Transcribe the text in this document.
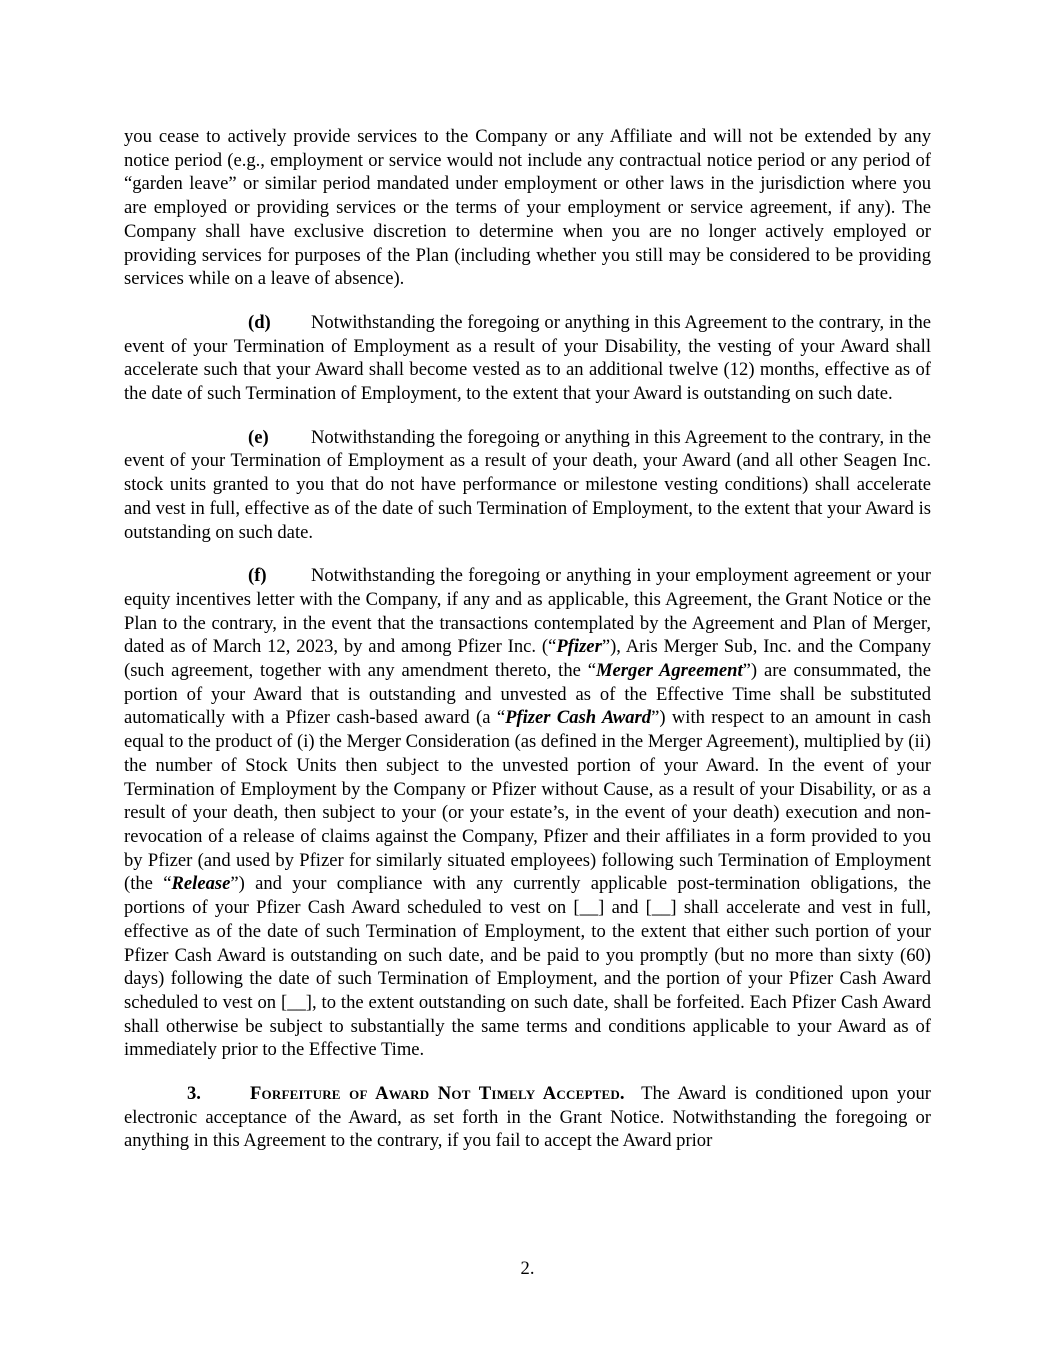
you cease to actively provide services to the Company or any Affiliate and will not be extended by any notice period (e.g., employment or service would not include any contractual notice period or any period of “garden leave” or similar period mandated under employment or other laws in the jurisdiction where you are employed or providing services or the terms of your employment or service agreement, if any). The Company shall have exclusive discretion to determine when you are no longer actively employed or providing services for purposes of the Plan (including whether you still may be considered to be providing services while on a leave of absence).

(d) Notwithstanding the foregoing or anything in this Agreement to the contrary, in the event of your Termination of Employment as a result of your Disability, the vesting of your Award shall accelerate such that your Award shall become vested as to an additional twelve (12) months, effective as of the date of such Termination of Employment, to the extent that your Award is outstanding on such date.

(e) Notwithstanding the foregoing or anything in this Agreement to the contrary, in the event of your Termination of Employment as a result of your death, your Award (and all other Seagen Inc. stock units granted to you that do not have performance or milestone vesting conditions) shall accelerate and vest in full, effective as of the date of such Termination of Employment, to the extent that your Award is outstanding on such date.

(f) Notwithstanding the foregoing or anything in your employment agreement or your equity incentives letter with the Company, if any and as applicable, this Agreement, the Grant Notice or the Plan to the contrary, in the event that the transactions contemplated by the Agreement and Plan of Merger, dated as of March 12, 2023, by and among Pfizer Inc. (“Pfizer”), Aris Merger Sub, Inc. and the Company (such agreement, together with any amendment thereto, the “Merger Agreement”) are consummated, the portion of your Award that is outstanding and unvested as of the Effective Time shall be substituted automatically with a Pfizer cash-based award (a “Pfizer Cash Award”) with respect to an amount in cash equal to the product of (i) the Merger Consideration (as defined in the Merger Agreement), multiplied by (ii) the number of Stock Units then subject to the unvested portion of your Award. In the event of your Termination of Employment by the Company or Pfizer without Cause, as a result of your Disability, or as a result of your death, then subject to your (or your estate’s, in the event of your death) execution and non-revocation of a release of claims against the Company, Pfizer and their affiliates in a form provided to you by Pfizer (and used by Pfizer for similarly situated employees) following such Termination of Employment (the “Release”) and your compliance with any currently applicable post-termination obligations, the portions of your Pfizer Cash Award scheduled to vest on [__] and [__] shall accelerate and vest in full, effective as of the date of such Termination of Employment, to the extent that either such portion of your Pfizer Cash Award is outstanding on such date, and be paid to you promptly (but no more than sixty (60) days) following the date of such Termination of Employment, and the portion of your Pfizer Cash Award scheduled to vest on [__], to the extent outstanding on such date, shall be forfeited. Each Pfizer Cash Award shall otherwise be subject to substantially the same terms and conditions applicable to your Award as of immediately prior to the Effective Time.

3.	Forfeiture of Award Not Timely Accepted. The Award is conditioned upon your electronic acceptance of the Award, as set forth in the Grant Notice. Notwithstanding the foregoing or anything in this Agreement to the contrary, if you fail to accept the Award prior

2.
